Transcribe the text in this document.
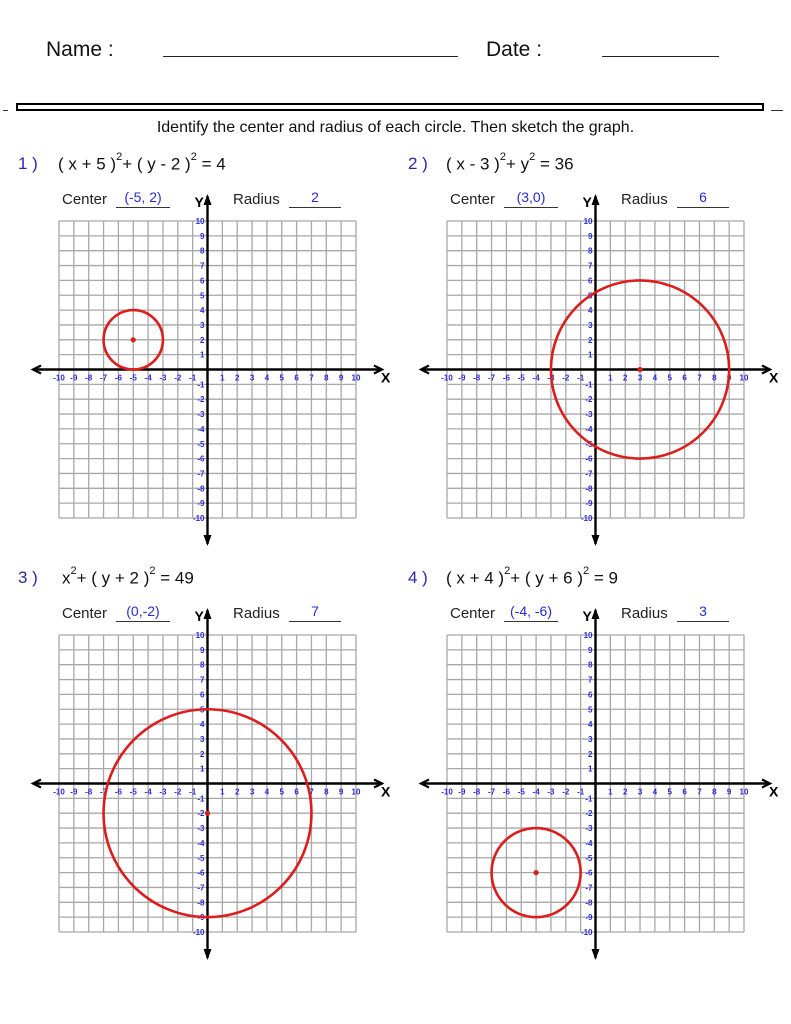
Name :	Date :
Identify the center and radius of each circle. Then sketch the graph.
1 ) ( x + 5 )$^2$+ ( y - 2 )$^2$ = 4
Center	(-5, 2)	Radius	2
X
Y
-10 -9 -8 -7 -6 -5 -4 -3 -2 -1	1 2 3 4 5 6 7 8 9 10
-10
-9
-8
-7
-6
-5
-4
-3
-2
-1
1
2
3
4
5
6
7
8
9
10
2 ) ( x - 3 )$^2+ y^2 = 36$
Center	(3,0)	Radius	6
X
Y
-10 -9 -8 -7 -6 -5 -4 -3 -2 -1	1 2 3 4 5 6 7 8 9 10
-10
-9
-8
-7
-6
-5
-4
-3
-2
-1
1
2
3
4
5
6
7
8
9
10
3 ) $x^2+$ ( y + 2 )$^2$ = 49
Center	(0,-2)	Radius	7
X
Y
-10 -9 -8 -7 -6 -5 -4 -3 -2 -1	1 2 3 4 5 6 7 8 9 10
-10
-9
-8
-7
-6
-5
-4
-3
-2
-1
1
2
3
4
5
6
7
8
9
10
4 ) ( x + 4 )$^2$+ ( y + 6 )$^2$ = 9
Center	(-4, -6)	Radius	3
X
Y
-10 -9 -8 -7 -6 -5 -4 -3 -2 -1	1 2 3 4 5 6 7 8 9 10
-10
-9
-8
-7
-6
-5
-4
-3
-2
-1
1
2
3
4
5
6
7
8
9
10
